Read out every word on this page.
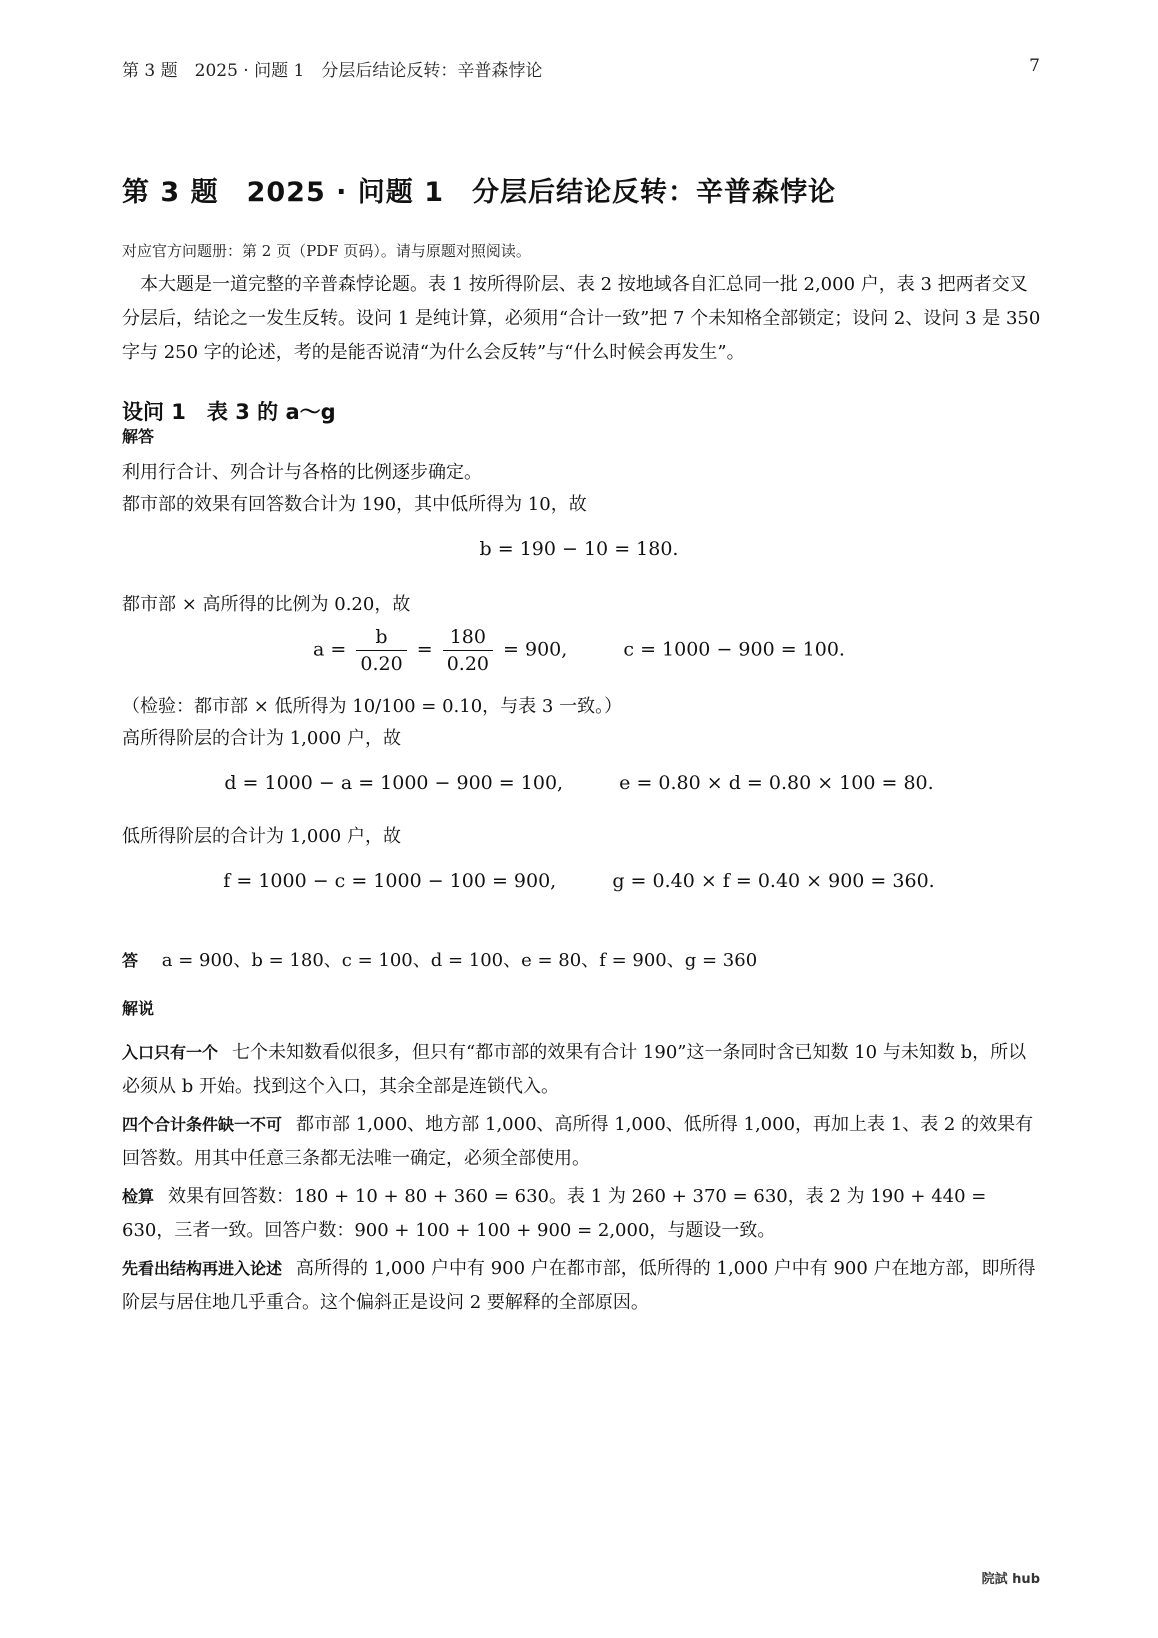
第 3 题　2025 · 问题 1　分层后结论反转：辛普森悖论	7
第 3 题　2025 · 问题 1　分层后结论反转：辛普森悖论
对应官方问题册：第 2 页（PDF 页码）。请与原题对照阅读。

本大题是一道完整的辛普森悖论题。表 1 按所得阶层、表 2 按地域各自汇总同一批 2,000 户，表 3 把两者交叉分层后，结论之一发生反转。设问 1 是纯计算，必须用“合计一致”把 7 个未知格全部锁定；设问 2、设问 3 是 350 字与 250 字的论述，考的是能否说清“为什么会反转”与“什么时候会再发生”。

设问 1　表 3 的 a～g
解答
利用行合计、列合计与各格的比例逐步确定。
都市部的效果有回答数合计为 190，其中低所得为 10，故
b = 190 − 10 = 180.
都市部 × 高所得的比例为 0.20，故
$a = \frac{b}{0.20} = \frac{180}{0.20} = 900$,	c = 1000 − 900 = 100.
（检验：都市部 × 低所得为 10/100 = 0.10，与表 3 一致。）
高所得阶层的合计为 1,000 户，故
d = 1000 − a = 1000 − 900 = 100,	e = 0.80 × d = 0.80 × 100 = 80.
低所得阶层的合计为 1,000 户，故
f = 1000 − c = 1000 − 100 = 900,	g = 0.40 × f = 0.40 × 900 = 360.
答 a = 900、b = 180、c = 100、d = 100、e = 80、f = 900、g = 360
解说

入口只有一个 七个未知数看似很多，但只有“都市部的效果有合计 190”这一条同时含已知数 10 与未知数 b，所以必须从 b 开始。找到这个入口，其余全部是连锁代入。

四个合计条件缺一不可 都市部 1,000、地方部 1,000、高所得 1,000、低所得 1,000，再加上表 1、表 2 的效果有回答数。用其中任意三条都无法唯一确定，必须全部使用。

检算 效果有回答数：180 + 10 + 80 + 360 = 630。表 1 为 260 + 370 = 630，表 2 为 190 + 440 = 630，三者一致。回答户数：900 + 100 + 100 + 900 = 2,000，与题设一致。

先看出结构再进入论述 高所得的 1,000 户中有 900 户在都市部，低所得的 1,000 户中有 900 户在地方部，即所得阶层与居住地几乎重合。这个偏斜正是设问 2 要解释的全部原因。

院試 hub
